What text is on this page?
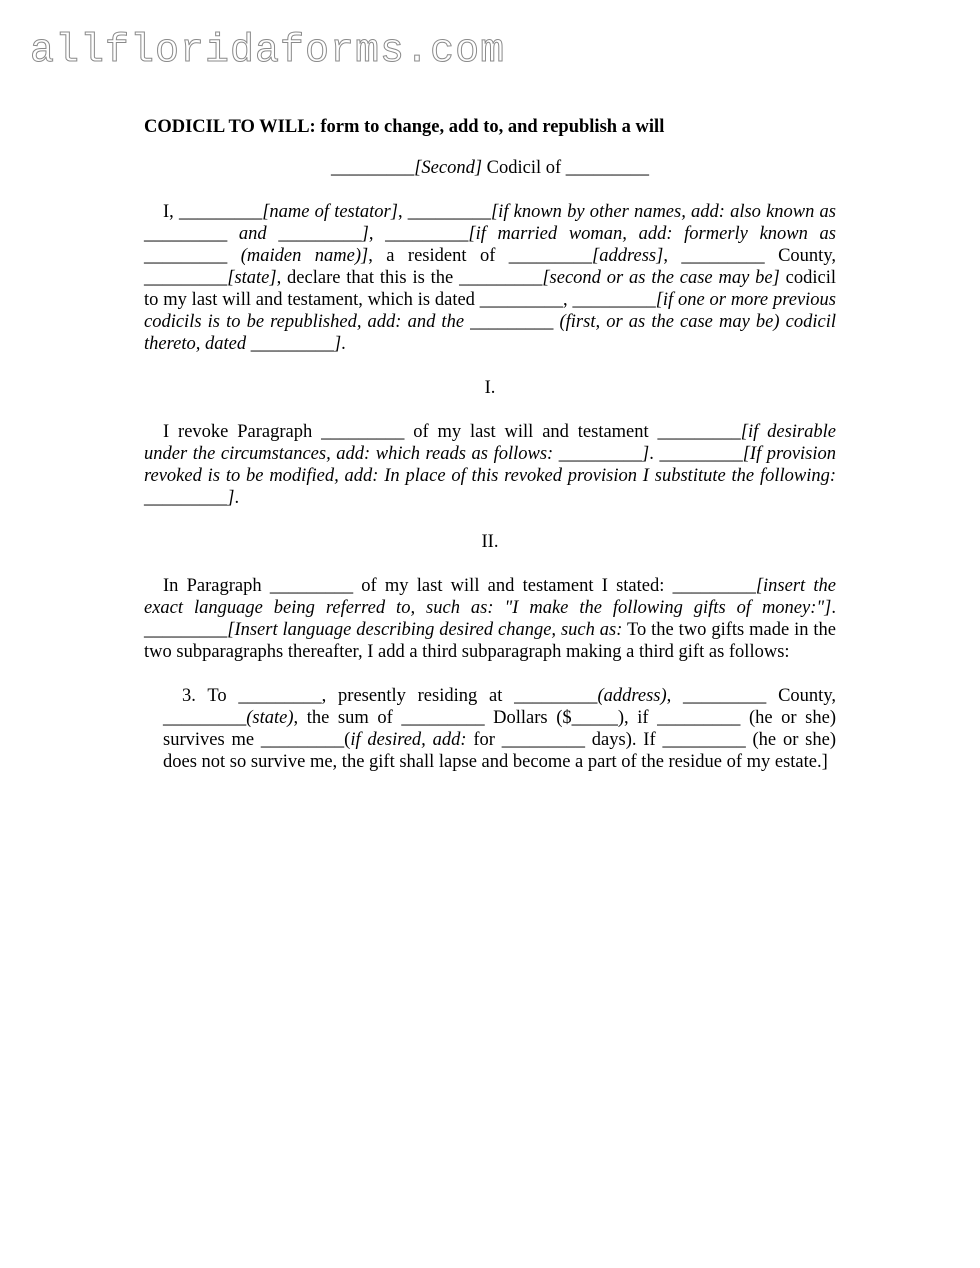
allfloridaforms.com

CODICIL TO WILL: form to change, add to, and republish a will

_________[Second] Codicil of _________

I, _________[name of testator], _________[if known by other names, add: also known as _________ and _________], _________[if married woman, add: formerly known as _________ (maiden name)], a resident of _________[address], _________ County, _________[state], declare that this is the _________[second or as the case may be] codicil to my last will and testament, which is dated _________, _________[if one or more previous codicils is to be republished, add: and the _________ (first, or as the case may be) codicil thereto, dated _________].

I.

I revoke Paragraph _________ of my last will and testament _________[if desirable under the circumstances, add: which reads as follows: _________]. _________[If provision revoked is to be modified, add: In place of this revoked provision I substitute the following: _________].

II.

In Paragraph _________ of my last will and testament I stated: _________[insert the exact language being referred to, such as: "I make the following gifts of money:"]. _________[Insert language describing desired change, such as: To the two gifts made in the two subparagraphs thereafter, I add a third subparagraph making a third gift as follows:

3. To _________, presently residing at _________(address), _________ County, _________(state), the sum of _________ Dollars ($_____), if _________ (he or she) survives me _________(if desired, add: for _________ days). If _________ (he or she) does not so survive me, the gift shall lapse and become a part of the residue of my estate.]
